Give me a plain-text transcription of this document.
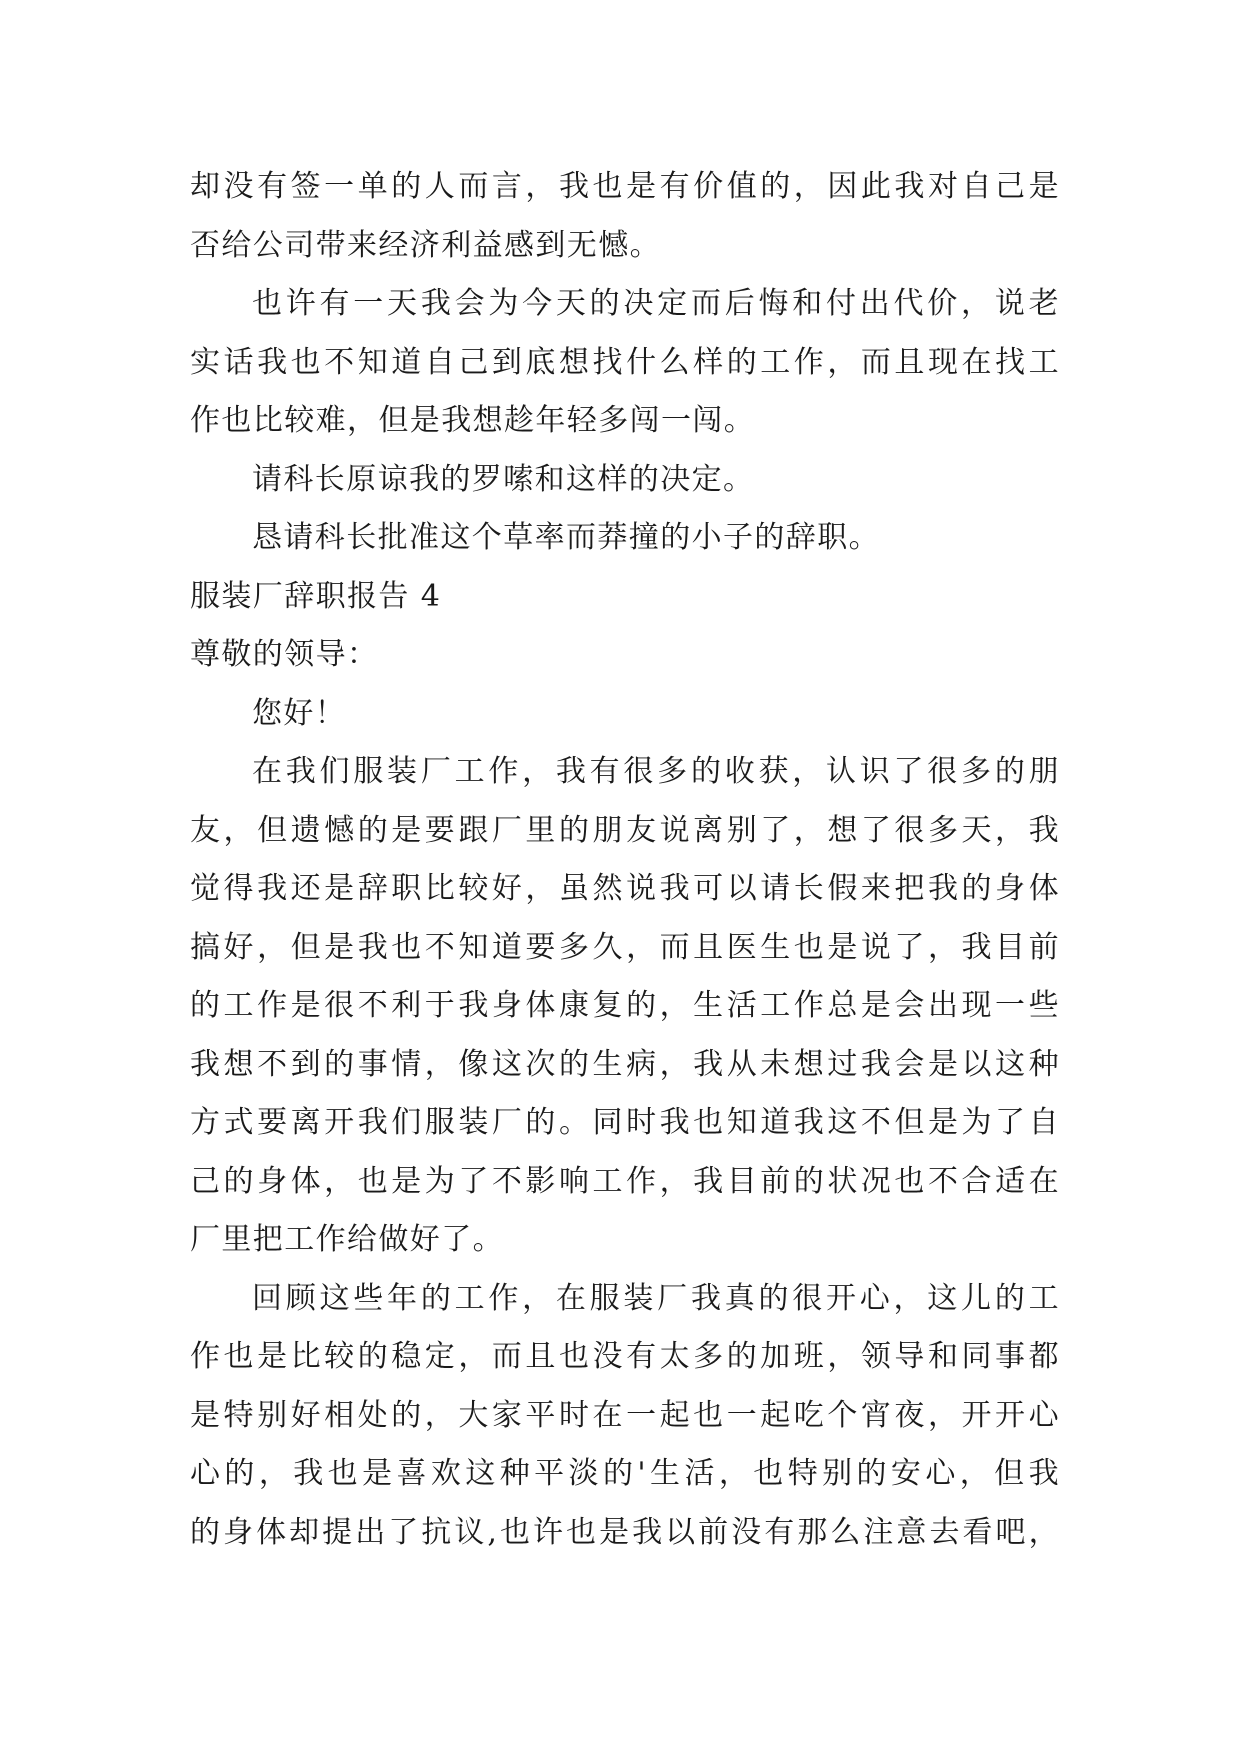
却没有签一单的人而言，我也是有价值的，因此我对自己是
否给公司带来经济利益感到无憾。
也许有一天我会为今天的决定而后悔和付出代价，说老
实话我也不知道自己到底想找什么样的工作，而且现在找工
作也比较难，但是我想趁年轻多闯一闯。
请科长原谅我的罗嗦和这样的决定。
恳请科长批准这个草率而莽撞的小子的辞职。
服装厂辞职报告 4
尊敬的领导：
您好！
在我们服装厂工作，我有很多的收获，认识了很多的朋
友，但遗憾的是要跟厂里的朋友说离别了，想了很多天，我
觉得我还是辞职比较好，虽然说我可以请长假来把我的身体
搞好，但是我也不知道要多久，而且医生也是说了，我目前
的工作是很不利于我身体康复的，生活工作总是会出现一些
我想不到的事情，像这次的生病，我从未想过我会是以这种
方式要离开我们服装厂的。同时我也知道我这不但是为了自
己的身体，也是为了不影响工作，我目前的状况也不合适在
厂里把工作给做好了。
回顾这些年的工作，在服装厂我真的很开心，这儿的工
作也是比较的稳定，而且也没有太多的加班，领导和同事都
是特别好相处的，大家平时在一起也一起吃个宵夜，开开心
心的，我也是喜欢这种平淡的'生活，也特别的安心，但我
的身体却提出了抗议,也许也是我以前没有那么注意去看吧，
